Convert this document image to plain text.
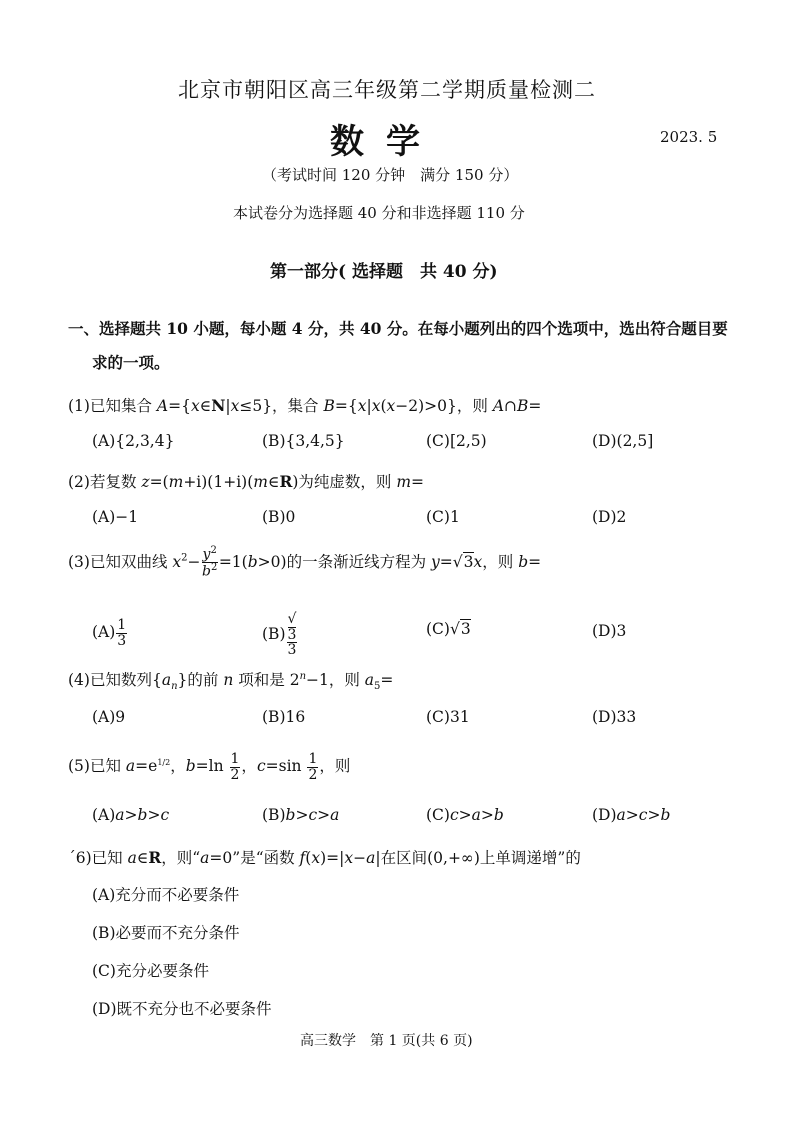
北京市朝阳区高三年级第二学期质量检测二
数学	2023. 5
（考试时间 120 分钟　满分 150 分）
本试卷分为选择题 40 分和非选择题 110 分
第一部分( 选择题　共 40 分)
一、选择题共 10 小题，每小题 4 分，共 40 分。在每小题列出的四个选项中，选出符合题目要
求的一项。
(1)已知集合 A={x∈N|x≤5}，集合 B={x|x(x−2)>0}，则 A∩B=
(A){2,3,4}	(B){3,4,5}	(C)[2,5)	(D)(2,5]
(2)若复数 z=(m+i)(1+i)(m∈R)为纯虚数，则 m=
(A)−1	(B)0	(C)1	(D)2
(3)已知双曲线 $x^2- \frac{y^2}{b^2} =1(b>0)$的一条渐近线方程为 y=√3x，则 b=
$(A) \frac{1}{3}$	(B) √
3
3	(C)√3	(D)3
(4)已知数列$\{a_n\}$的前 n 项和是 $2^n-1$，则 $a_5=$
(A)9	(B)16	(C)31	(D)33
(5)已知 $a=e^{1/2}$，$b=\ln \frac{1}{2}$ ，$c=\sin \frac{1}{2}$ ，则
(A)a>b>c	(B)b>c>a	(C)c>a>b	(D)a>c>b
´6)已知 a∈R，则“a=0”是“函数 f(x)=|x−a|在区间(0,+∞)上单调递增”的
(A)充分而不必要条件
(B)必要而不充分条件
(C)充分必要条件
(D)既不充分也不必要条件
高三数学　第 1 页(共 6 页)
